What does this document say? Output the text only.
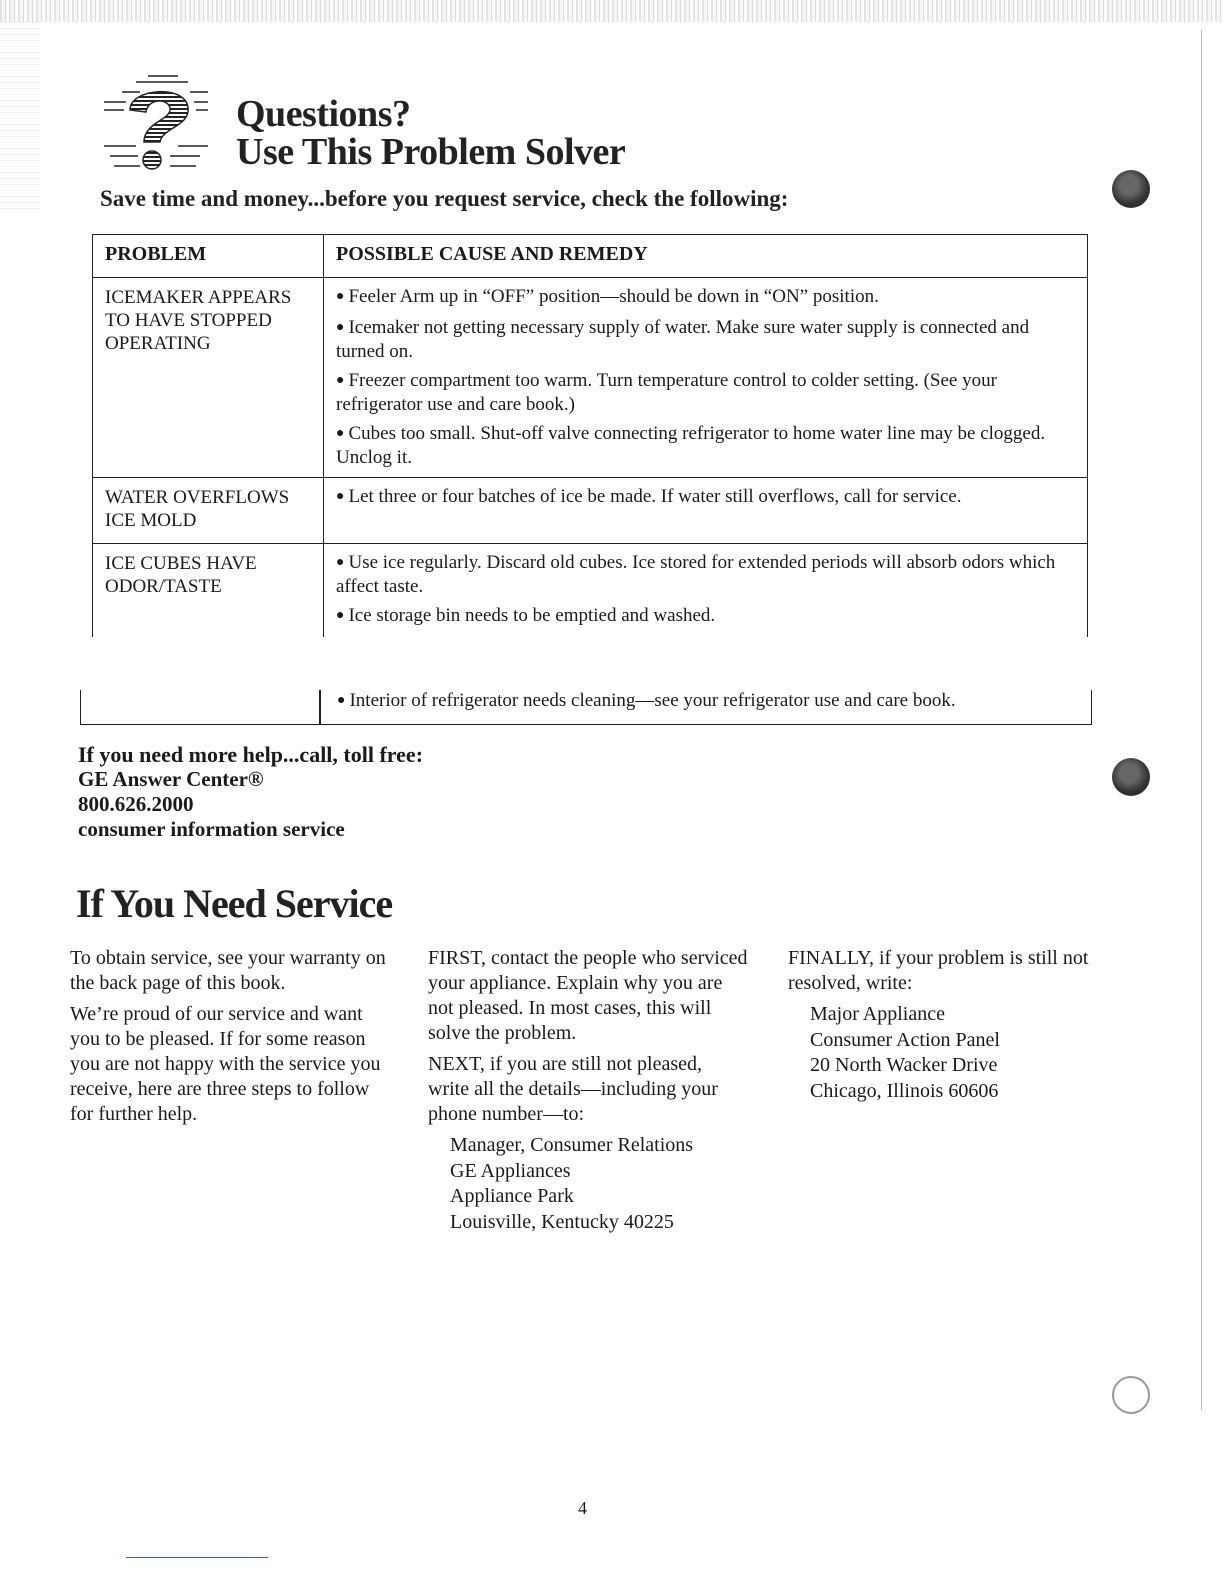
Questions?
Use This Problem Solver

Save time and money...before you request service, check the following:

PROBLEM	POSSIBLE CAUSE AND REMEDY
ICEMAKER APPEARS TO HAVE STOPPED OPERATING	● Feeler Arm up in “OFF” position—should be down in “ON” position.

● Icemaker not getting necessary supply of water. Make sure water supply is connected and turned on.

● Freezer compartment too warm. Turn temperature control to colder setting. (See your refrigerator use and care book.)

● Cubes too small. Shut-off valve connecting refrigerator to home water line may be clogged. Unclog it.

WATER OVERFLOWS ICE MOLD	● Let three or four batches of ice be made. If water still overflows, call for service.

ICE CUBES HAVE ODOR/TASTE	● Use ice regularly. Discard old cubes. Ice stored for extended periods will absorb odors which affect taste.

● Ice storage bin needs to be emptied and washed.

● Interior of refrigerator needs cleaning—see your refrigerator use and care book.
If you need more help...call, toll free:
GE Answer Center®
800.626.2000
consumer information service
If You Need Service

To obtain service, see your warranty on the back page of this book.

We’re proud of our service and want you to be pleased. If for some reason you are not happy with the service you receive, here are three steps to follow for further help.

FIRST, contact the people who serviced your appliance. Explain why you are not pleased. In most cases, this will solve the problem.

NEXT, if you are still not pleased, write all the details—including your phone number—to:

Manager, Consumer Relations
GE Appliances
Appliance Park
Louisville, Kentucky 40225

FINALLY, if your problem is still not resolved, write:

Major Appliance
Consumer Action Panel
20 North Wacker Drive
Chicago, Illinois 60606
4
